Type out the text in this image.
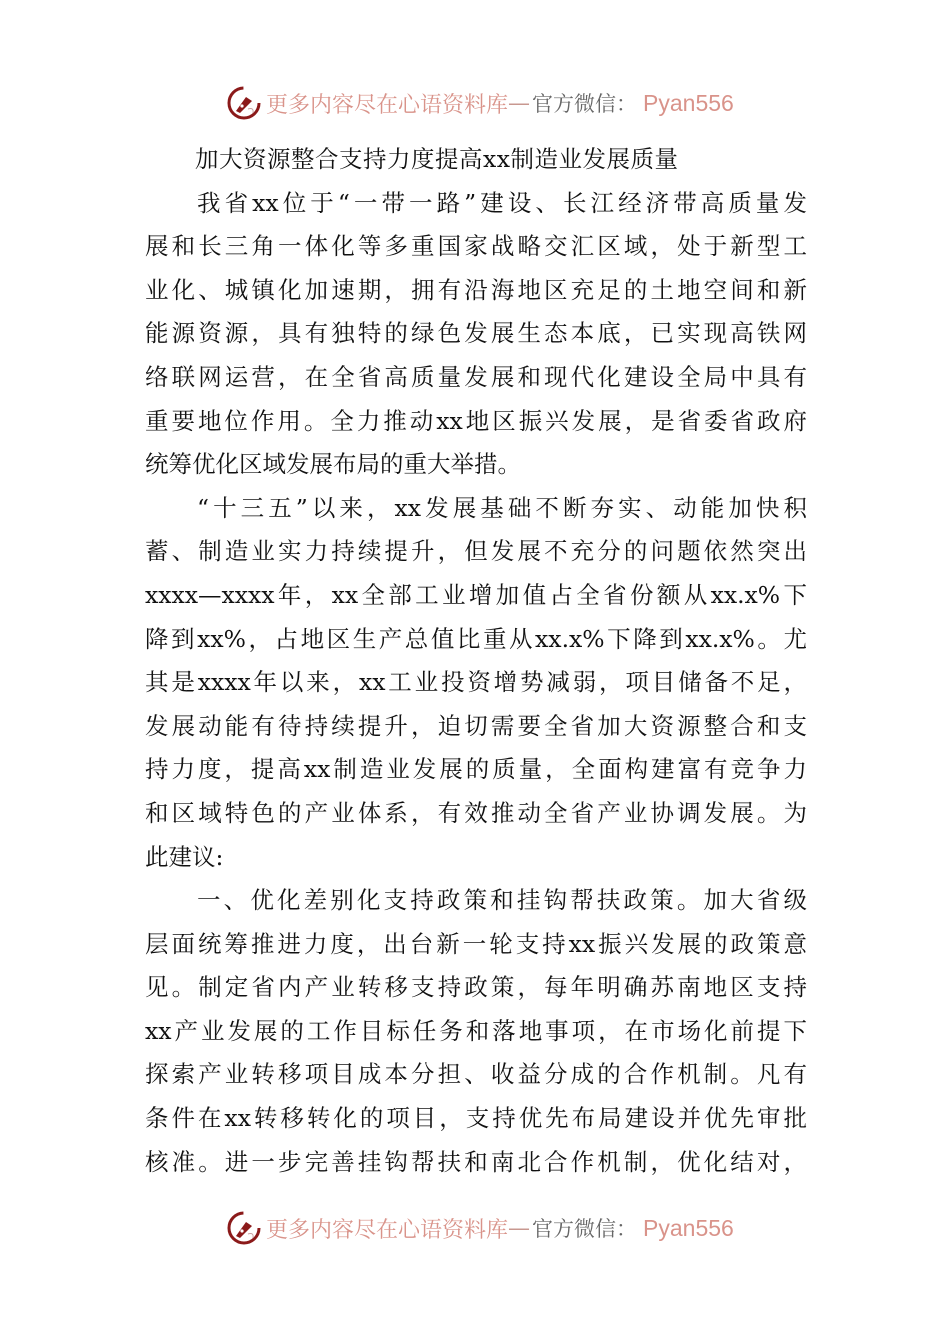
更多内容尽在心语资料库 — 官方微信： Pyan556
加大资源整合支持力度提高xx制造业发展质量
我省xx位于“一带一路”建设、长江经济带高质量发
展和长三角一体化等多重国家战略交汇区域，处于新型工
业化、城镇化加速期，拥有沿海地区充足的土地空间和新
能源资源，具有独特的绿色发展生态本底，已实现高铁网
络联网运营，在全省高质量发展和现代化建设全局中具有
重要地位作用。全力推动xx地区振兴发展，是省委省政府
统筹优化区域发展布局的重大举措。
“十三五”以来，xx发展基础不断夯实、动能加快积
蓄、制造业实力持续提升，但发展不充分的问题依然突出
xxxx—xxxx年，xx全部工业增加值占全省份额从xx.x%下
降到xx%，占地区生产总值比重从xx.x%下降到xx.x%。尤
其是xxxx年以来，xx工业投资增势减弱，项目储备不足，
发展动能有待持续提升，迫切需要全省加大资源整合和支
持力度，提高xx制造业发展的质量，全面构建富有竞争力
和区域特色的产业体系，有效推动全省产业协调发展。为
此建议:
一、优化差别化支持政策和挂钩帮扶政策。加大省级
层面统筹推进力度，出台新一轮支持xx振兴发展的政策意
见。制定省内产业转移支持政策，每年明确苏南地区支持
xx产业发展的工作目标任务和落地事项，在市场化前提下
探索产业转移项目成本分担、收益分成的合作机制。凡有
条件在xx转移转化的项目，支持优先布局建设并优先审批
核准。进一步完善挂钩帮扶和南北合作机制，优化结对，
更多内容尽在心语资料库 — 官方微信： Pyan556
